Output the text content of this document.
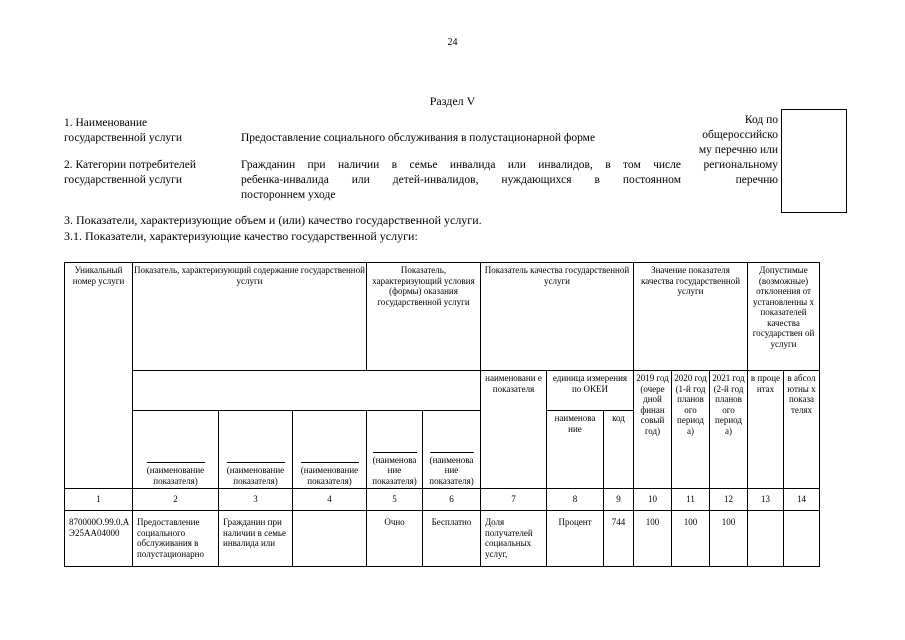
24
Раздел V
1. Наименование
государственной услуги	Предоставление социального обслуживания в полустационарной форме
2. Категории потребителей
государственной услуги
Гражданин при наличии в семье инвалида или инвалидов, в том числе
ребенка-инвалида или детей-инвалидов, нуждающихся в постоянном
постороннем уходе
Код по
общероссийско
му перечню или
региональному
перечню
3. Показатели, характеризующие объем и (или) качество государственной услуги.
3.1. Показатели, характеризующие качество государственной услуги:
Уникальный номер услуги	Показатель, характеризующий содержание государственной услуги			Показатель, характеризующий условия (формы) оказания государственной услуги		Показатель качества государственной услуги			Значение показателя качества государственной услуги			Допустимые (возможные) отклонения от установленны х показателей качества государствен ой услуги	
						наименовани е показателя	единица измерения по ОКЕИ		2019 год (очере дной финан совый год)	2020 год (1-й год планов ого период а)	2021 год (2-й год планов ого период а)	в проце нтах	в абсол ютны х показа телях

(наименование показателя)	(наименование показателя)	(наименование показателя)	(наименова ние показателя)	(наименова ние показателя)		наименова ние	код					
1	2	3	4	5	6	7	8	9	10	11	12	13	14
870000О.99.0.АЭ25АА04000	Предоставление социального обслуживания в полустационарно	Гражданин при наличии в семье инвалида или		Очно	Бесплатно	Доля получателей социальных услуг,	Процент	744	100	100	100		
